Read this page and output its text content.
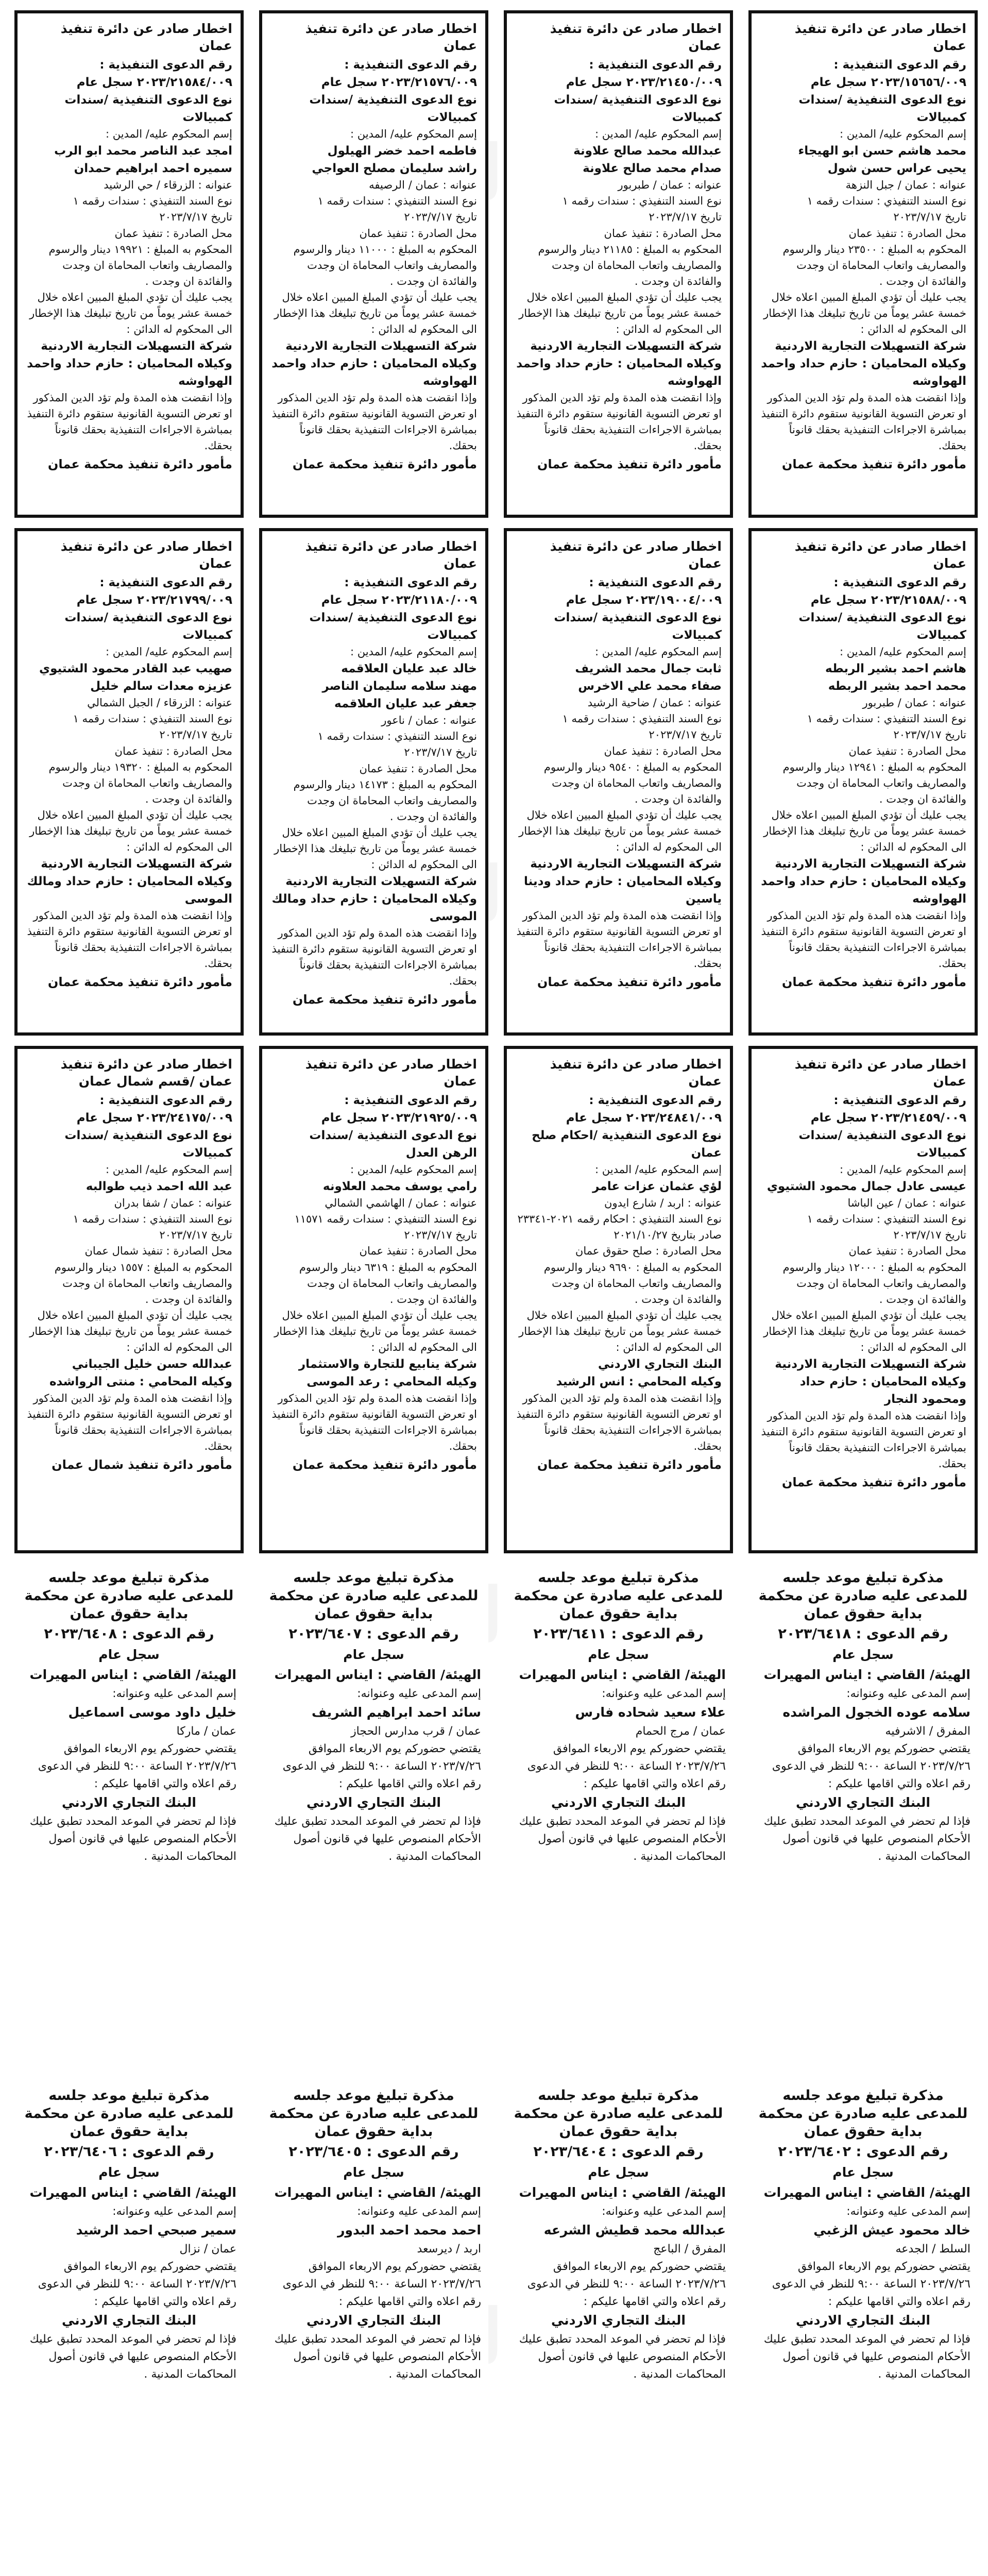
اخطار صادر عن دائرة تنفيذ عمان
رقم الدعوى التنفيذية :
٢٠٢٣/١٥٦٥٦/٠٠٩ سجل عام
نوع الدعوى التنفيذية /سندات كمبيالات
إسم المحكوم عليه/ المدين :
محمد هاشم حسن ابو الهيجاء
يحيى عراس حسن شول
عنوانه : عمان / جبل النزهة
نوع السند التنفيذي : سندات رقمه ١
تاريخ ٢٠٢٣/٧/١٧
محل الصادرة : تنفيذ عمان
المحكوم به المبلغ : ٢٣٥٠٠ دينار والرسوم والمصاريف واتعاب المحاماة ان وجدت والفائدة ان وجدت .
يجب عليك أن تؤدي المبلغ المبين اعلاه خلال خمسة عشر يوماً من تاريخ تبليغك هذا الإخطار الى المحكوم له الدائن :
شركة التسهيلات التجارية الاردنية
وكيلاه المحاميان : حازم حداد واحمد الهواوشه
وإذا انقضت هذه المدة ولم تؤد الدين المذكور او تعرض التسوية القانونية ستقوم دائرة التنفيذ بمباشرة الاجراءات التنفيذية بحقك قانوناً بحقك.
مأمور دائرة تنفيذ محكمة عمان
اخطار صادر عن دائرة تنفيذ عمان
رقم الدعوى التنفيذية :
٢٠٢٣/٢١٤٥٠/٠٠٩ سجل عام
نوع الدعوى التنفيذية /سندات كمبيالات
إسم المحكوم عليه/ المدين :
عبدالله محمد صالح علاونة
صدام محمد صالح علاونة
عنوانه : عمان / طبربور
نوع السند التنفيذي : سندات رقمه ١
تاريخ ٢٠٢٣/٧/١٧
محل الصادرة : تنفيذ عمان
المحكوم به المبلغ : ٢١١٨٥ دينار والرسوم والمصاريف واتعاب المحاماة ان وجدت والفائدة ان وجدت .
يجب عليك أن تؤدي المبلغ المبين اعلاه خلال خمسة عشر يوماً من تاريخ تبليغك هذا الإخطار الى المحكوم له الدائن :
شركة التسهيلات التجارية الاردنية
وكيلاه المحاميان : حازم حداد واحمد الهواوشه
وإذا انقضت هذه المدة ولم تؤد الدين المذكور او تعرض التسوية القانونية ستقوم دائرة التنفيذ بمباشرة الاجراءات التنفيذية بحقك قانوناً بحقك.
مأمور دائرة تنفيذ محكمة عمان
اخطار صادر عن دائرة تنفيذ عمان
رقم الدعوى التنفيذية :
٢٠٢٣/٢١٥٧٦/٠٠٩ سجل عام
نوع الدعوى التنفيذية /سندات كمبيالات
إسم المحكوم عليه/ المدين :
فاطمه احمد خضر الهيلول
راشد سليمان مصلح العواجي
عنوانه : عمان / الرصيفه
نوع السند التنفيذي : سندات رقمه ١
تاريخ ٢٠٢٣/٧/١٧
محل الصادرة : تنفيذ عمان
المحكوم به المبلغ : ١١٠٠٠ دينار والرسوم والمصاريف واتعاب المحاماة ان وجدت والفائدة ان وجدت .
يجب عليك أن تؤدي المبلغ المبين اعلاه خلال خمسة عشر يوماً من تاريخ تبليغك هذا الإخطار الى المحكوم له الدائن :
شركة التسهيلات التجارية الاردنية
وكيلاه المحاميان : حازم حداد واحمد الهواوشه
وإذا انقضت هذه المدة ولم تؤد الدين المذكور او تعرض التسوية القانونية ستقوم دائرة التنفيذ بمباشرة الاجراءات التنفيذية بحقك قانوناً بحقك.
مأمور دائرة تنفيذ محكمة عمان
اخطار صادر عن دائرة تنفيذ عمان
رقم الدعوى التنفيذية :
٢٠٢٣/٢١٥٨٤/٠٠٩ سجل عام
نوع الدعوى التنفيذية /سندات كمبيالات
إسم المحكوم عليه/ المدين :
امجد عبد الناصر محمد ابو الرب
سميره احمد ابراهيم حمدان
عنوانه : الزرقاء / حي الرشيد
نوع السند التنفيذي : سندات رقمه ١
تاريخ ٢٠٢٣/٧/١٧
محل الصادرة : تنفيذ عمان
المحكوم به المبلغ : ١٩٩٢١ دينار والرسوم والمصاريف واتعاب المحاماة ان وجدت والفائدة ان وجدت .
يجب عليك أن تؤدي المبلغ المبين اعلاه خلال خمسة عشر يوماً من تاريخ تبليغك هذا الإخطار الى المحكوم له الدائن :
شركة التسهيلات التجارية الاردنية
وكيلاه المحاميان : حازم حداد واحمد الهواوشه
وإذا انقضت هذه المدة ولم تؤد الدين المذكور او تعرض التسوية القانونية ستقوم دائرة التنفيذ بمباشرة الاجراءات التنفيذية بحقك قانوناً بحقك.
مأمور دائرة تنفيذ محكمة عمان
اخطار صادر عن دائرة تنفيذ عمان
رقم الدعوى التنفيذية :
٢٠٢٣/٢١٥٨٨/٠٠٩ سجل عام
نوع الدعوى التنفيذية /سندات كمبيالات
إسم المحكوم عليه/ المدين :
هاشم احمد بشير الربطه
محمد احمد بشير الربطه
عنوانه : عمان / طبربور
نوع السند التنفيذي : سندات رقمه ١
تاريخ ٢٠٢٣/٧/١٧
محل الصادرة : تنفيذ عمان
المحكوم به المبلغ : ١٢٩٤١ دينار والرسوم والمصاريف واتعاب المحاماة ان وجدت والفائدة ان وجدت .
يجب عليك أن تؤدي المبلغ المبين اعلاه خلال خمسة عشر يوماً من تاريخ تبليغك هذا الإخطار الى المحكوم له الدائن :
شركة التسهيلات التجارية الاردنية
وكيلاه المحاميان : حازم حداد واحمد الهواوشه
وإذا انقضت هذه المدة ولم تؤد الدين المذكور او تعرض التسوية القانونية ستقوم دائرة التنفيذ بمباشرة الاجراءات التنفيذية بحقك قانوناً بحقك.
مأمور دائرة تنفيذ محكمة عمان
اخطار صادر عن دائرة تنفيذ عمان
رقم الدعوى التنفيذية :
٢٠٢٣/١٩٠٠٤/٠٠٩ سجل عام
نوع الدعوى التنفيذية /سندات كمبيالات
إسم المحكوم عليه/ المدين :
ثابت جمال محمد الشريف
صفاء محمد علي الاخرس
عنوانه : عمان / ضاحية الرشيد
نوع السند التنفيذي : سندات رقمه ١
تاريخ ٢٠٢٣/٧/١٧
محل الصادرة : تنفيذ عمان
المحكوم به المبلغ : ٩٥٤٠ دينار والرسوم والمصاريف واتعاب المحاماة ان وجدت والفائدة ان وجدت .
يجب عليك أن تؤدي المبلغ المبين اعلاه خلال خمسة عشر يوماً من تاريخ تبليغك هذا الإخطار الى المحكوم له الدائن :
شركة التسهيلات التجارية الاردنية
وكيلاه المحاميان : حازم حداد ودينا ياسين
وإذا انقضت هذه المدة ولم تؤد الدين المذكور او تعرض التسوية القانونية ستقوم دائرة التنفيذ بمباشرة الاجراءات التنفيذية بحقك قانوناً بحقك.
مأمور دائرة تنفيذ محكمة عمان
اخطار صادر عن دائرة تنفيذ عمان
رقم الدعوى التنفيذية :
٢٠٢٣/٢١١٨٠/٠٠٩ سجل عام
نوع الدعوى التنفيذية /سندات كمبيالات
إسم المحكوم عليه/ المدين :
خالد عبد عليان العلاقمه
مهند سلامه سليمان الناصر
جعفر عبد عليان العلاقمه
عنوانه : عمان / ناعور
نوع السند التنفيذي : سندات رقمه ١
تاريخ ٢٠٢٣/٧/١٧
محل الصادرة : تنفيذ عمان
المحكوم به المبلغ : ١٤١٧٣ دينار والرسوم والمصاريف واتعاب المحاماة ان وجدت والفائدة ان وجدت .
يجب عليك أن تؤدي المبلغ المبين اعلاه خلال خمسة عشر يوماً من تاريخ تبليغك هذا الإخطار الى المحكوم له الدائن :
شركة التسهيلات التجارية الاردنية
وكيلاه المحاميان : حازم حداد ومالك الموسى
وإذا انقضت هذه المدة ولم تؤد الدين المذكور او تعرض التسوية القانونية ستقوم دائرة التنفيذ بمباشرة الاجراءات التنفيذية بحقك قانوناً بحقك.
مأمور دائرة تنفيذ محكمة عمان
اخطار صادر عن دائرة تنفيذ عمان
رقم الدعوى التنفيذية :
٢٠٢٣/٢١٧٩٩/٠٠٩ سجل عام
نوع الدعوى التنفيذية /سندات كمبيالات
إسم المحكوم عليه/ المدين :
صهيب عبد القادر محمود الشتيوي
عزيزه معدات سالم خليل
عنوانه : الزرقاء / الجبل الشمالي
نوع السند التنفيذي : سندات رقمه ١
تاريخ ٢٠٢٣/٧/١٧
محل الصادرة : تنفيذ عمان
المحكوم به المبلغ : ١٩٣٢٠ دينار والرسوم والمصاريف واتعاب المحاماة ان وجدت والفائدة ان وجدت .
يجب عليك أن تؤدي المبلغ المبين اعلاه خلال خمسة عشر يوماً من تاريخ تبليغك هذا الإخطار الى المحكوم له الدائن :
شركة التسهيلات التجارية الاردنية
وكيلاه المحاميان : حازم حداد ومالك الموسى
وإذا انقضت هذه المدة ولم تؤد الدين المذكور او تعرض التسوية القانونية ستقوم دائرة التنفيذ بمباشرة الاجراءات التنفيذية بحقك قانوناً بحقك.
مأمور دائرة تنفيذ محكمة عمان
اخطار صادر عن دائرة تنفيذ عمان
رقم الدعوى التنفيذية :
٢٠٢٣/٢١٤٥٩/٠٠٩ سجل عام
نوع الدعوى التنفيذية /سندات كمبيالات
إسم المحكوم عليه/ المدين :
عيسى عادل جمال محمود الشتيوي
عنوانه : عمان / عين الباشا
نوع السند التنفيذي : سندات رقمه ١
تاريخ ٢٠٢٣/٧/١٧
محل الصادرة : تنفيذ عمان
المحكوم به المبلغ : ١٢٠٠٠ دينار والرسوم والمصاريف واتعاب المحاماة ان وجدت والفائدة ان وجدت .
يجب عليك أن تؤدي المبلغ المبين اعلاه خلال خمسة عشر يوماً من تاريخ تبليغك هذا الإخطار الى المحكوم له الدائن :
شركة التسهيلات التجارية الاردنية
وكيلاه المحاميان : حازم حداد ومحمود النجار
وإذا انقضت هذه المدة ولم تؤد الدين المذكور او تعرض التسوية القانونية ستقوم دائرة التنفيذ بمباشرة الاجراءات التنفيذية بحقك قانوناً بحقك.
مأمور دائرة تنفيذ محكمة عمان
اخطار صادر عن دائرة تنفيذ عمان
رقم الدعوى التنفيذية :
٢٠٢٣/٢٤٨٤١/٠٠٩ سجل عام
نوع الدعوى التنفيذية /احكام صلح عمان
إسم المحكوم عليه/ المدين :
لؤي عثمان عزات عامر
عنوانه : اربد / شارع ايدون
نوع السند التنفيذي : احكام رقمه ٢٠٢١-٢٣٣٤١
صادر بتاريخ ٢٠٢١/١٠/٢٧
محل الصادرة : صلح حقوق عمان
المحكوم به المبلغ : ٩٦٩٠ دينار والرسوم والمصاريف واتعاب المحاماة ان وجدت والفائدة ان وجدت .
يجب عليك أن تؤدي المبلغ المبين اعلاه خلال خمسة عشر يوماً من تاريخ تبليغك هذا الإخطار الى المحكوم له الدائن :
البنك التجاري الاردني
وكيله المحامي : انس الرشيد
وإذا انقضت هذه المدة ولم تؤد الدين المذكور او تعرض التسوية القانونية ستقوم دائرة التنفيذ بمباشرة الاجراءات التنفيذية بحقك قانوناً بحقك.
مأمور دائرة تنفيذ محكمة عمان
اخطار صادر عن دائرة تنفيذ عمان
رقم الدعوى التنفيذية :
٢٠٢٣/٢١٩٢٥/٠٠٩ سجل عام
نوع الدعوى التنفيذية /سندات الرهن العدل
إسم المحكوم عليه/ المدين :
رامي يوسف محمد العلاونه
عنوانه : عمان / الهاشمي الشمالي
نوع السند التنفيذي : سندات رقمه ١١٥٧١
تاريخ ٢٠٢٣/٧/١٧
محل الصادرة : تنفيذ عمان
المحكوم به المبلغ : ٦٣١٩ دينار والرسوم والمصاريف واتعاب المحاماة ان وجدت والفائدة ان وجدت .
يجب عليك أن تؤدي المبلغ المبين اعلاه خلال خمسة عشر يوماً من تاريخ تبليغك هذا الإخطار الى المحكوم له الدائن :
شركة ينابيع للتجارة والاستثمار
وكيله المحامي : رعد الموسى
وإذا انقضت هذه المدة ولم تؤد الدين المذكور او تعرض التسوية القانونية ستقوم دائرة التنفيذ بمباشرة الاجراءات التنفيذية بحقك قانوناً بحقك.
مأمور دائرة تنفيذ محكمة عمان
اخطار صادر عن دائرة تنفيذ عمان /قسم شمال عمان
رقم الدعوى التنفيذية :
٢٠٢٣/٢٤١٧٥/٠٠٩ سجل عام
نوع الدعوى التنفيذية /سندات كمبيالات
إسم المحكوم عليه/ المدين :
عبد الله احمد ذيب طوالبه
عنوانه : عمان / شفا بدران
نوع السند التنفيذي : سندات رقمه ١
تاريخ ٢٠٢٣/٧/١٧
محل الصادرة : تنفيذ شمال عمان
المحكوم به المبلغ : ١٥٥٧ دينار والرسوم والمصاريف واتعاب المحاماة ان وجدت والفائدة ان وجدت .
يجب عليك أن تؤدي المبلغ المبين اعلاه خلال خمسة عشر يوماً من تاريخ تبليغك هذا الإخطار الى المحكوم له الدائن :
عبدالله حسن خليل الجيباني
وكيله المحامي : منتى الرواشده
وإذا انقضت هذه المدة ولم تؤد الدين المذكور او تعرض التسوية القانونية ستقوم دائرة التنفيذ بمباشرة الاجراءات التنفيذية بحقك قانوناً بحقك.
مأمور دائرة تنفيذ شمال عمان
مذكرة تبليغ موعد جلسه للمدعى عليه صادرة عن محكمة بداية حقوق عمان
رقم الدعوى : ٢٠٢٣/٦٤١٨
سجل عام
الهيئة/ القاضي : ايناس المهيرات
إسم المدعى عليه وعنوانه:
سلامه عوده الخجول المراشده
المفرق / الاشرفيه
يقتضي حضوركم يوم الاربعاء الموافق ٢٠٢٣/٧/٢٦ الساعة ٩:٠٠ للنظر في الدعوى
رقم اعلاه والتي اقامها عليكم :
البنك التجاري الاردني
فإذا لم تحضر في الموعد المحدد تطبق عليك الأحكام المنصوص عليها في قانون أصول المحاكمات المدنية .
مذكرة تبليغ موعد جلسه للمدعى عليه صادرة عن محكمة بداية حقوق عمان
رقم الدعوى : ٢٠٢٣/٦٤١١
سجل عام
الهيئة/ القاضي : ايناس المهيرات
إسم المدعى عليه وعنوانه:
علاء سعيد شحاده فارس
عمان / مرج الحمام
يقتضي حضوركم يوم الاربعاء الموافق ٢٠٢٣/٧/٢٦ الساعة ٩:٠٠ للنظر في الدعوى
رقم اعلاه والتي اقامها عليكم :
البنك التجاري الاردني
فإذا لم تحضر في الموعد المحدد تطبق عليك الأحكام المنصوص عليها في قانون أصول المحاكمات المدنية .
مذكرة تبليغ موعد جلسه للمدعى عليه صادرة عن محكمة بداية حقوق عمان
رقم الدعوى : ٢٠٢٣/٦٤٠٧
سجل عام
الهيئة/ القاضي : ايناس المهيرات
إسم المدعى عليه وعنوانه:
سائد احمد ابراهيم الشريف
عمان / قرب مدارس الحجاز
يقتضي حضوركم يوم الاربعاء الموافق ٢٠٢٣/٧/٢٦ الساعة ٩:٠٠ للنظر في الدعوى
رقم اعلاه والتي اقامها عليكم :
البنك التجاري الاردني
فإذا لم تحضر في الموعد المحدد تطبق عليك الأحكام المنصوص عليها في قانون أصول المحاكمات المدنية .
مذكرة تبليغ موعد جلسه للمدعى عليه صادرة عن محكمة بداية حقوق عمان
رقم الدعوى : ٢٠٢٣/٦٤٠٨
سجل عام
الهيئة/ القاضي : ايناس المهيرات
إسم المدعى عليه وعنوانه:
خليل داود موسى اسماعيل
عمان / ماركا
يقتضي حضوركم يوم الاربعاء الموافق ٢٠٢٣/٧/٢٦ الساعة ٩:٠٠ للنظر في الدعوى
رقم اعلاه والتي اقامها عليكم :
البنك التجاري الاردني
فإذا لم تحضر في الموعد المحدد تطبق عليك الأحكام المنصوص عليها في قانون أصول المحاكمات المدنية .
مذكرة تبليغ موعد جلسه للمدعى عليه صادرة عن محكمة بداية حقوق عمان
رقم الدعوى : ٢٠٢٣/٦٤٠٢
سجل عام
الهيئة/ القاضي : ايناس المهيرات
إسم المدعى عليه وعنوانه:
خالد محمود عيش الزغبي
السلط / الجدعه
يقتضي حضوركم يوم الاربعاء الموافق ٢٠٢٣/٧/٢٦ الساعة ٩:٠٠ للنظر في الدعوى
رقم اعلاه والتي اقامها عليكم :
البنك التجاري الاردني
فإذا لم تحضر في الموعد المحدد تطبق عليك الأحكام المنصوص عليها في قانون أصول المحاكمات المدنية .
مذكرة تبليغ موعد جلسه للمدعى عليه صادرة عن محكمة بداية حقوق عمان
رقم الدعوى : ٢٠٢٣/٦٤٠٤
سجل عام
الهيئة/ القاضي : ايناس المهيرات
إسم المدعى عليه وعنوانه:
عبدالله محمد قطيش الشرعه
المفرق / الباعج
يقتضي حضوركم يوم الاربعاء الموافق ٢٠٢٣/٧/٢٦ الساعة ٩:٠٠ للنظر في الدعوى
رقم اعلاه والتي اقامها عليكم :
البنك التجاري الاردني
فإذا لم تحضر في الموعد المحدد تطبق عليك الأحكام المنصوص عليها في قانون أصول المحاكمات المدنية .
مذكرة تبليغ موعد جلسه للمدعى عليه صادرة عن محكمة بداية حقوق عمان
رقم الدعوى : ٢٠٢٣/٦٤٠٥
سجل عام
الهيئة/ القاضي : ايناس المهيرات
إسم المدعى عليه وعنوانه:
احمد محمد احمد البدور
اربد / ديرسعد
يقتضي حضوركم يوم الاربعاء الموافق ٢٠٢٣/٧/٢٦ الساعة ٩:٠٠ للنظر في الدعوى
رقم اعلاه والتي اقامها عليكم :
البنك التجاري الاردني
فإذا لم تحضر في الموعد المحدد تطبق عليك الأحكام المنصوص عليها في قانون أصول المحاكمات المدنية .
مذكرة تبليغ موعد جلسه للمدعى عليه صادرة عن محكمة بداية حقوق عمان
رقم الدعوى : ٢٠٢٣/٦٤٠٦
سجل عام
الهيئة/ القاضي : ايناس المهيرات
إسم المدعى عليه وعنوانه:
سمير صبحي احمد الرشيد
عمان / نزال
يقتضي حضوركم يوم الاربعاء الموافق ٢٠٢٣/٧/٢٦ الساعة ٩:٠٠ للنظر في الدعوى
رقم اعلاه والتي اقامها عليكم :
البنك التجاري الاردني
فإذا لم تحضر في الموعد المحدد تطبق عليك الأحكام المنصوص عليها في قانون أصول المحاكمات المدنية .
